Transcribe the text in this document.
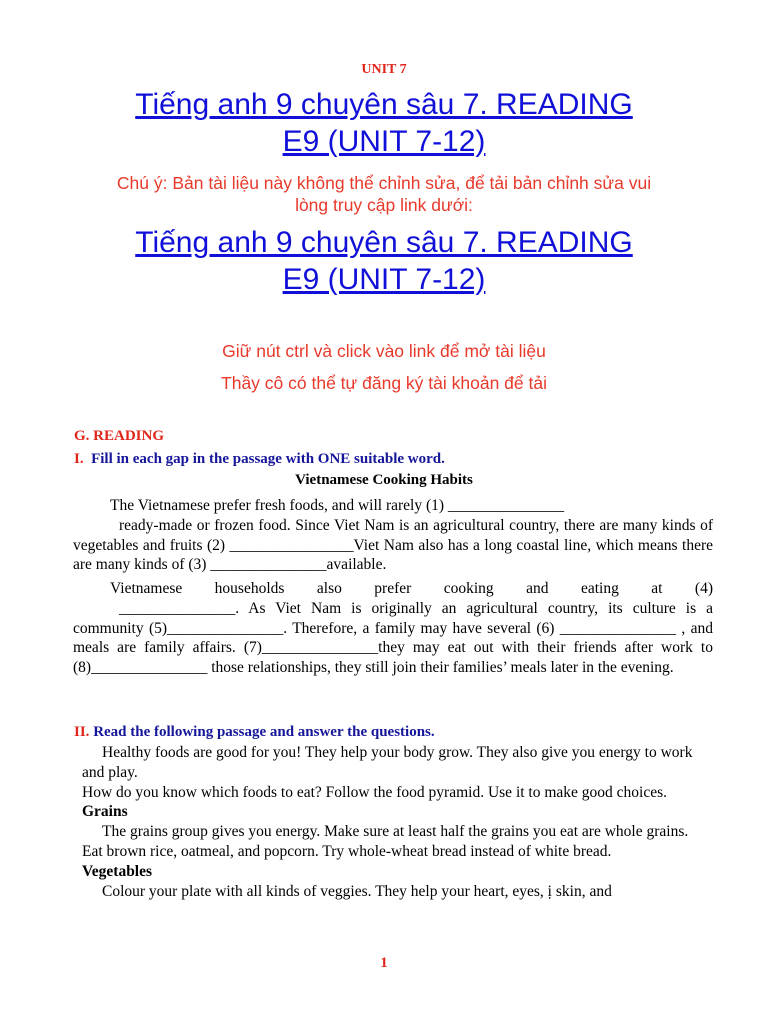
UNIT 7
Tiếng anh 9 chuyên sâu 7. READING
E9 (UNIT 7-12)
Chú ý: Bản tài liệu này không thể chỉnh sửa, để tải bản chỉnh sửa vui
lòng truy cập link dưới:
Tiếng anh 9 chuyên sâu 7. READING
E9 (UNIT 7-12)
Giữ nút ctrl và click vào link để mở tài liệu
Thầy cô có thể tự đăng ký tài khoản để tải
G. READING
I. Fill in each gap in the passage with ONE suitable word.
Vietnamese Cooking Habits

The Vietnamese prefer fresh foods, and will rarely (1) _______________

ready-made or frozen food. Since Viet Nam is an agricultural country, there are many kinds of vegetables and fruits (2) ________________Viet Nam also has a long coastal line, which means there are many kinds of (3) _______________available.

Vietnamese households also prefer cooking and eating at (4)

_______________. As Viet Nam is originally an agricultural country, its culture is a community (5)_______________. Therefore, a family may have several (6) _______________ , and meals are family affairs. (7)_______________they may eat out with their friends after work to (8)_______________ those relationships, they still join their families’ meals later in the evening.

II. Read the following passage and answer the questions.

Healthy foods are good for you! They help your body grow. They also give you energy to work and play.

How do you know which foods to eat? Follow the food pyramid. Use it to make good choices.

Grains

The grains group gives you energy. Make sure at least half the grains you eat are whole grains. Eat brown rice, oatmeal, and popcorn. Try whole-wheat bread instead of white bread.

Vegetables

Colour your plate with all kinds of veggies. They help your heart, eyes, ị skin, and

1
